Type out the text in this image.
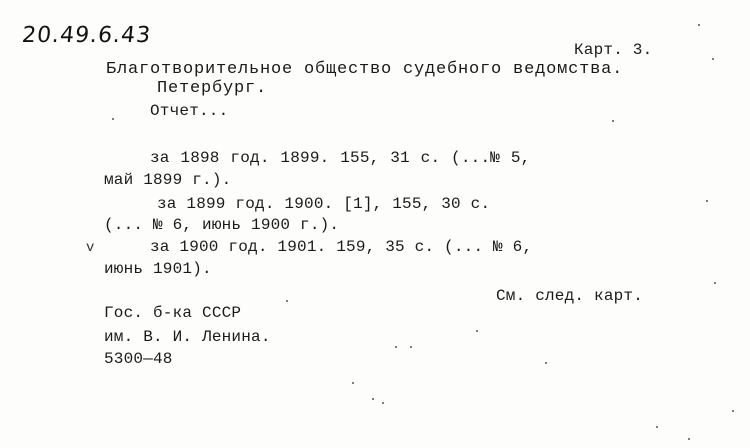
20.49.6.43
Карт. 3.
Благотворительное общество судебного ведомства.
Петербург.
Отчет...
за 1898 год. 1899. 155, 31 с. (...№ 5,
май 1899 г.).
за 1899 год. 1900. [1], 155, 30 с.
(... № 6, июнь 1900 г.).
v	за 1900 год. 1901. 159, 35 с. (... № 6,
июнь 1901).
См. след. карт.
Гос. б-ка СССР
им. В. И. Ленина.
5300—48
